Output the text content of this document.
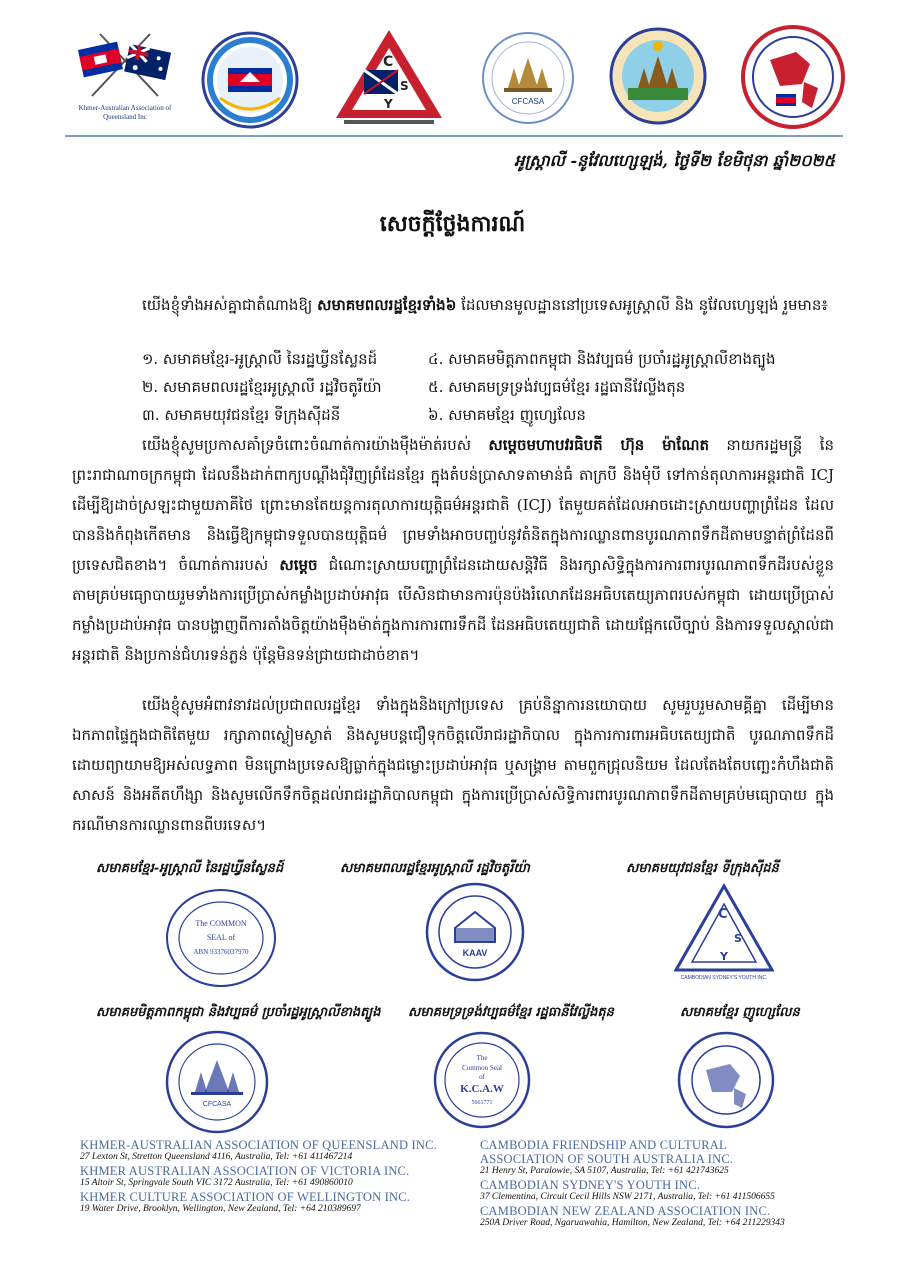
Khmer-Australian Association of Queensland Inc
C
S
Y	CFCASA
អូស្ត្រាលី -នូវែលហ្សេឡង់, ថ្ងៃទី២ ខែមិថុនា ឆ្នាំ២០២៥
សេចក្តីថ្លែងការណ៍
យើងខ្ញុំទាំងអស់គ្នាជាតំណាងឱ្យ សមាគមពលរដ្ឋខ្មែរទាំង៦ ដែលមានមូលដ្ឋាននៅប្រទេសអូស្ត្រាលី និង នូវែលហ្សេឡង់ រួមមាន៖
១. សមាគមខ្មែរ-អូស្ត្រាលី នៃរដ្ឋឃ្វីនស្លែនដ៍	៤. សមាគមមិត្តភាពកម្ពុជា និងវប្បធម៌ ប្រចាំរដ្ឋអូស្ត្រាលីខាងត្បូង
២. សមាគមពលរដ្ឋខ្មែរអូស្ត្រាលី រដ្ឋវិចតូរីយ៉ា	៥. សមាគមទ្រទ្រង់វប្បធម៌ខ្មែរ រដ្ឋធានីវែល្លីងតុន
៣. សមាគមយុវជនខ្មែរ ទីក្រុងស៊ីដនី	៦. សមាគមខ្មែរ ញូហ្សេលែន
យើងខ្ញុំសូមប្រកាសគាំទ្រចំពោះចំណាត់ការយ៉ាងម៉ឺងម៉ាត់របស់ សម្តេចមហាបវរធិបតី ហ៊ុន ម៉ាណែត នាយករដ្ឋមន្ត្រី នៃព្រះរាជាណាចក្រកម្ពុជា ដែលនឹងដាក់ពាក្យបណ្តឹងជុំវិញព្រំដែនខ្មែរ ក្នុងតំបន់ប្រាសាទតាមាន់ធំ តាក្របី និងមុំបី ទៅកាន់តុលាការអន្តរជាតិ ICJ ដើម្បីឱ្យដាច់ស្រឡះជាមួយភាគីថៃ ព្រោះមានតែយន្តការតុលាការយុត្តិធម៌អន្តរជាតិ (ICJ) តែមួយគត់ដែលអាចដោះស្រាយបញ្ហាព្រំដែន ដែលបាននិងកំពុងកើតមាន និងធ្វើឱ្យកម្ពុជាទទួលបានយុត្តិធម៌ ព្រមទាំងអាចបញ្ចប់នូវតំនិតក្នុងការឈ្លានពានបូរណភាពទឹកដីតាមបន្ទាត់ព្រំដែនពីប្រទេសជិតខាង។ ចំណាត់ការរបស់ សម្តេច ជំណោះស្រាយបញ្ហាព្រំដែនដោយសន្តិវិធី និងរក្សាសិទ្ធិក្នុងការការពារបូរណភាពទឹកដីរបស់ខ្លួន តាមគ្រប់មធ្យោបាយរួមទាំងការប្រើប្រាស់កម្លាំងប្រដាប់អាវុធ បើសិនជាមានការប៉ុនប៉ងរំលោភដែនអធិបតេយ្យភាពរបស់កម្ពុជា ដោយប្រើប្រាស់កម្លាំងប្រដាប់អាវុធ បានបង្ហាញពីការតាំងចិត្តយ៉ាងម៉ឺងម៉ាត់ក្នុងការការពារទឹកដី ដែនអធិបតេយ្យជាតិ ដោយផ្អែកលើច្បាប់ និងការទទួលស្គាល់ជាអន្តរជាតិ និងប្រកាន់ជំហរទន់ភ្លន់ ប៉ុន្តែមិនទន់ជ្រាយជាដាច់ខាត។
យើងខ្ញុំសូមអំពាវនាវដល់ប្រជាពលរដ្ឋខ្មែរ ទាំងក្នុងនិងក្រៅប្រទេស គ្រប់និន្នាការនយោបាយ សូមរួបរួមសាមគ្គីគ្នា ដើម្បីមានឯកភាពផ្ទៃក្នុងជាតិតែមួយ រក្សាភាពស្ងៀមស្ងាត់ និងសូមបន្តជឿទុកចិត្តលើរាជរដ្ឋាភិបាល ក្នុងការការពារអធិបតេយ្យជាតិ បូរណភាពទឹកដី ដោយព្យាយាមឱ្យអស់លទ្ធភាព មិនព្រោងប្រទេសឱ្យធ្លាក់ក្នុងជម្លោះប្រដាប់អាវុធ ឬសង្គ្រាម តាមពួកជ្រុលនិយម ដែលតែងតែបញ្ឆេះកំហឹងជាតិសាសន៍ និងអតីតហឹង្សា និងសូមលើកទឹកចិត្តដល់រាជរដ្ឋាភិបាលកម្ពុជា ក្នុងការប្រើប្រាស់សិទ្ធិការពារបូរណភាពទឹកដីតាមគ្រប់មធ្យោបាយ ក្នុងករណីមានការឈ្លានពានពីបរទេស។
សមាគមខ្មែរ-អូស្ត្រាលី នៃរដ្ឋឃ្វីនស្លែនដ៍
The COMMON
SEAL of
ABN 93376037970
សមាគមពលរដ្ឋខ្មែរអូស្ត្រាលី រដ្ឋវិចតូរីយ៉ា
KAAV
សមាគមយុវជនខ្មែរ ទីក្រុងស៊ីដនី
C
S
Y
CAMBODIAN SYDNEY'S YOUTH INC.
សមាគមមិត្តភាពកម្ពុជា និងវប្បធម៌ ប្រចាំរដ្ឋអូស្ត្រាលីខាងត្បូង
CFCASA
សមាគមទ្រទ្រង់វប្បធម៌ខ្មែរ រដ្ឋធានីវែល្លីងតុន
The
Common Seal
of
K.C.A.W
5661771
សមាគមខ្មែរ ញូហ្សេលែន
KHMER-AUSTRALIAN ASSOCIATION OF QUEENSLAND INC.
27 Lexton St, Stretton Queensland 4116, Australia, Tel: +61 411467214
KHMER AUSTRALIAN ASSOCIATION OF VICTORIA INC.
15 Altoir St, Springvale South VIC 3172 Australia, Tel: +61 490860010
KHMER CULTURE ASSOCIATION OF WELLINGTON INC.
19 Water Drive, Brooklyn, Wellington, New Zealand, Tel: +64 210389697
CAMBODIA FRIENDSHIP AND CULTURAL
ASSOCIATION OF SOUTH AUSTRALIA INC.
21 Henry St, Paralowie, SA 5107, Australia, Tel: +61 421743625
CAMBODIAN SYDNEY'S YOUTH INC.
37 Clementina, Circuit Cecil Hills NSW 2171, Australia, Tel: +61 411506655
CAMBODIAN NEW ZEALAND ASSOCIATION INC.
250A Driver Road, Ngaruawahia, Hamilton, New Zealand, Tel: +64 211229343
